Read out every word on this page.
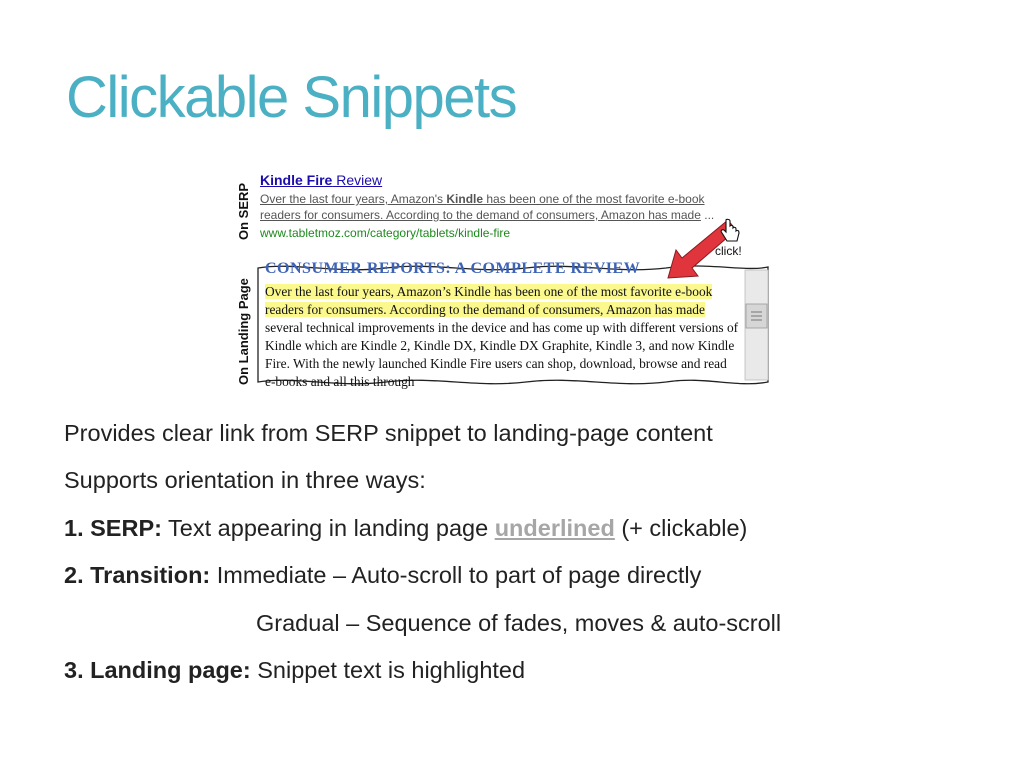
Clickable Snippets
On SERP
On Landing Page
Kindle Fire Review
Over the last four years, Amazon's Kindle has been one of the most favorite e-book
readers for consumers. According to the demand of consumers, Amazon has made ...
www.tabletmoz.com/category/tablets/kindle-fire
CONSUMER REPORTS: A COMPLETE REVIEW
Over the last four years, Amazon’s Kindle has been one of the most favorite e-book readers for consumers. According to the demand of consumers, Amazon has made several technical improvements in the device and has come up with different versions of Kindle which are Kindle 2, Kindle DX, Kindle DX Graphite, Kindle 3, and now Kindle Fire. With the newly launched Kindle Fire users can shop, download, browse and read e-books and all this through
click!
Provides clear link from SERP snippet to landing-page content
Supports orientation in three ways:
1. SERP: Text appearing in landing page underlined (+ clickable)
2. Transition: Immediate – Auto-scroll to part of page directly
Gradual – Sequence of fades, moves & auto-scroll
3. Landing page: Snippet text is highlighted
